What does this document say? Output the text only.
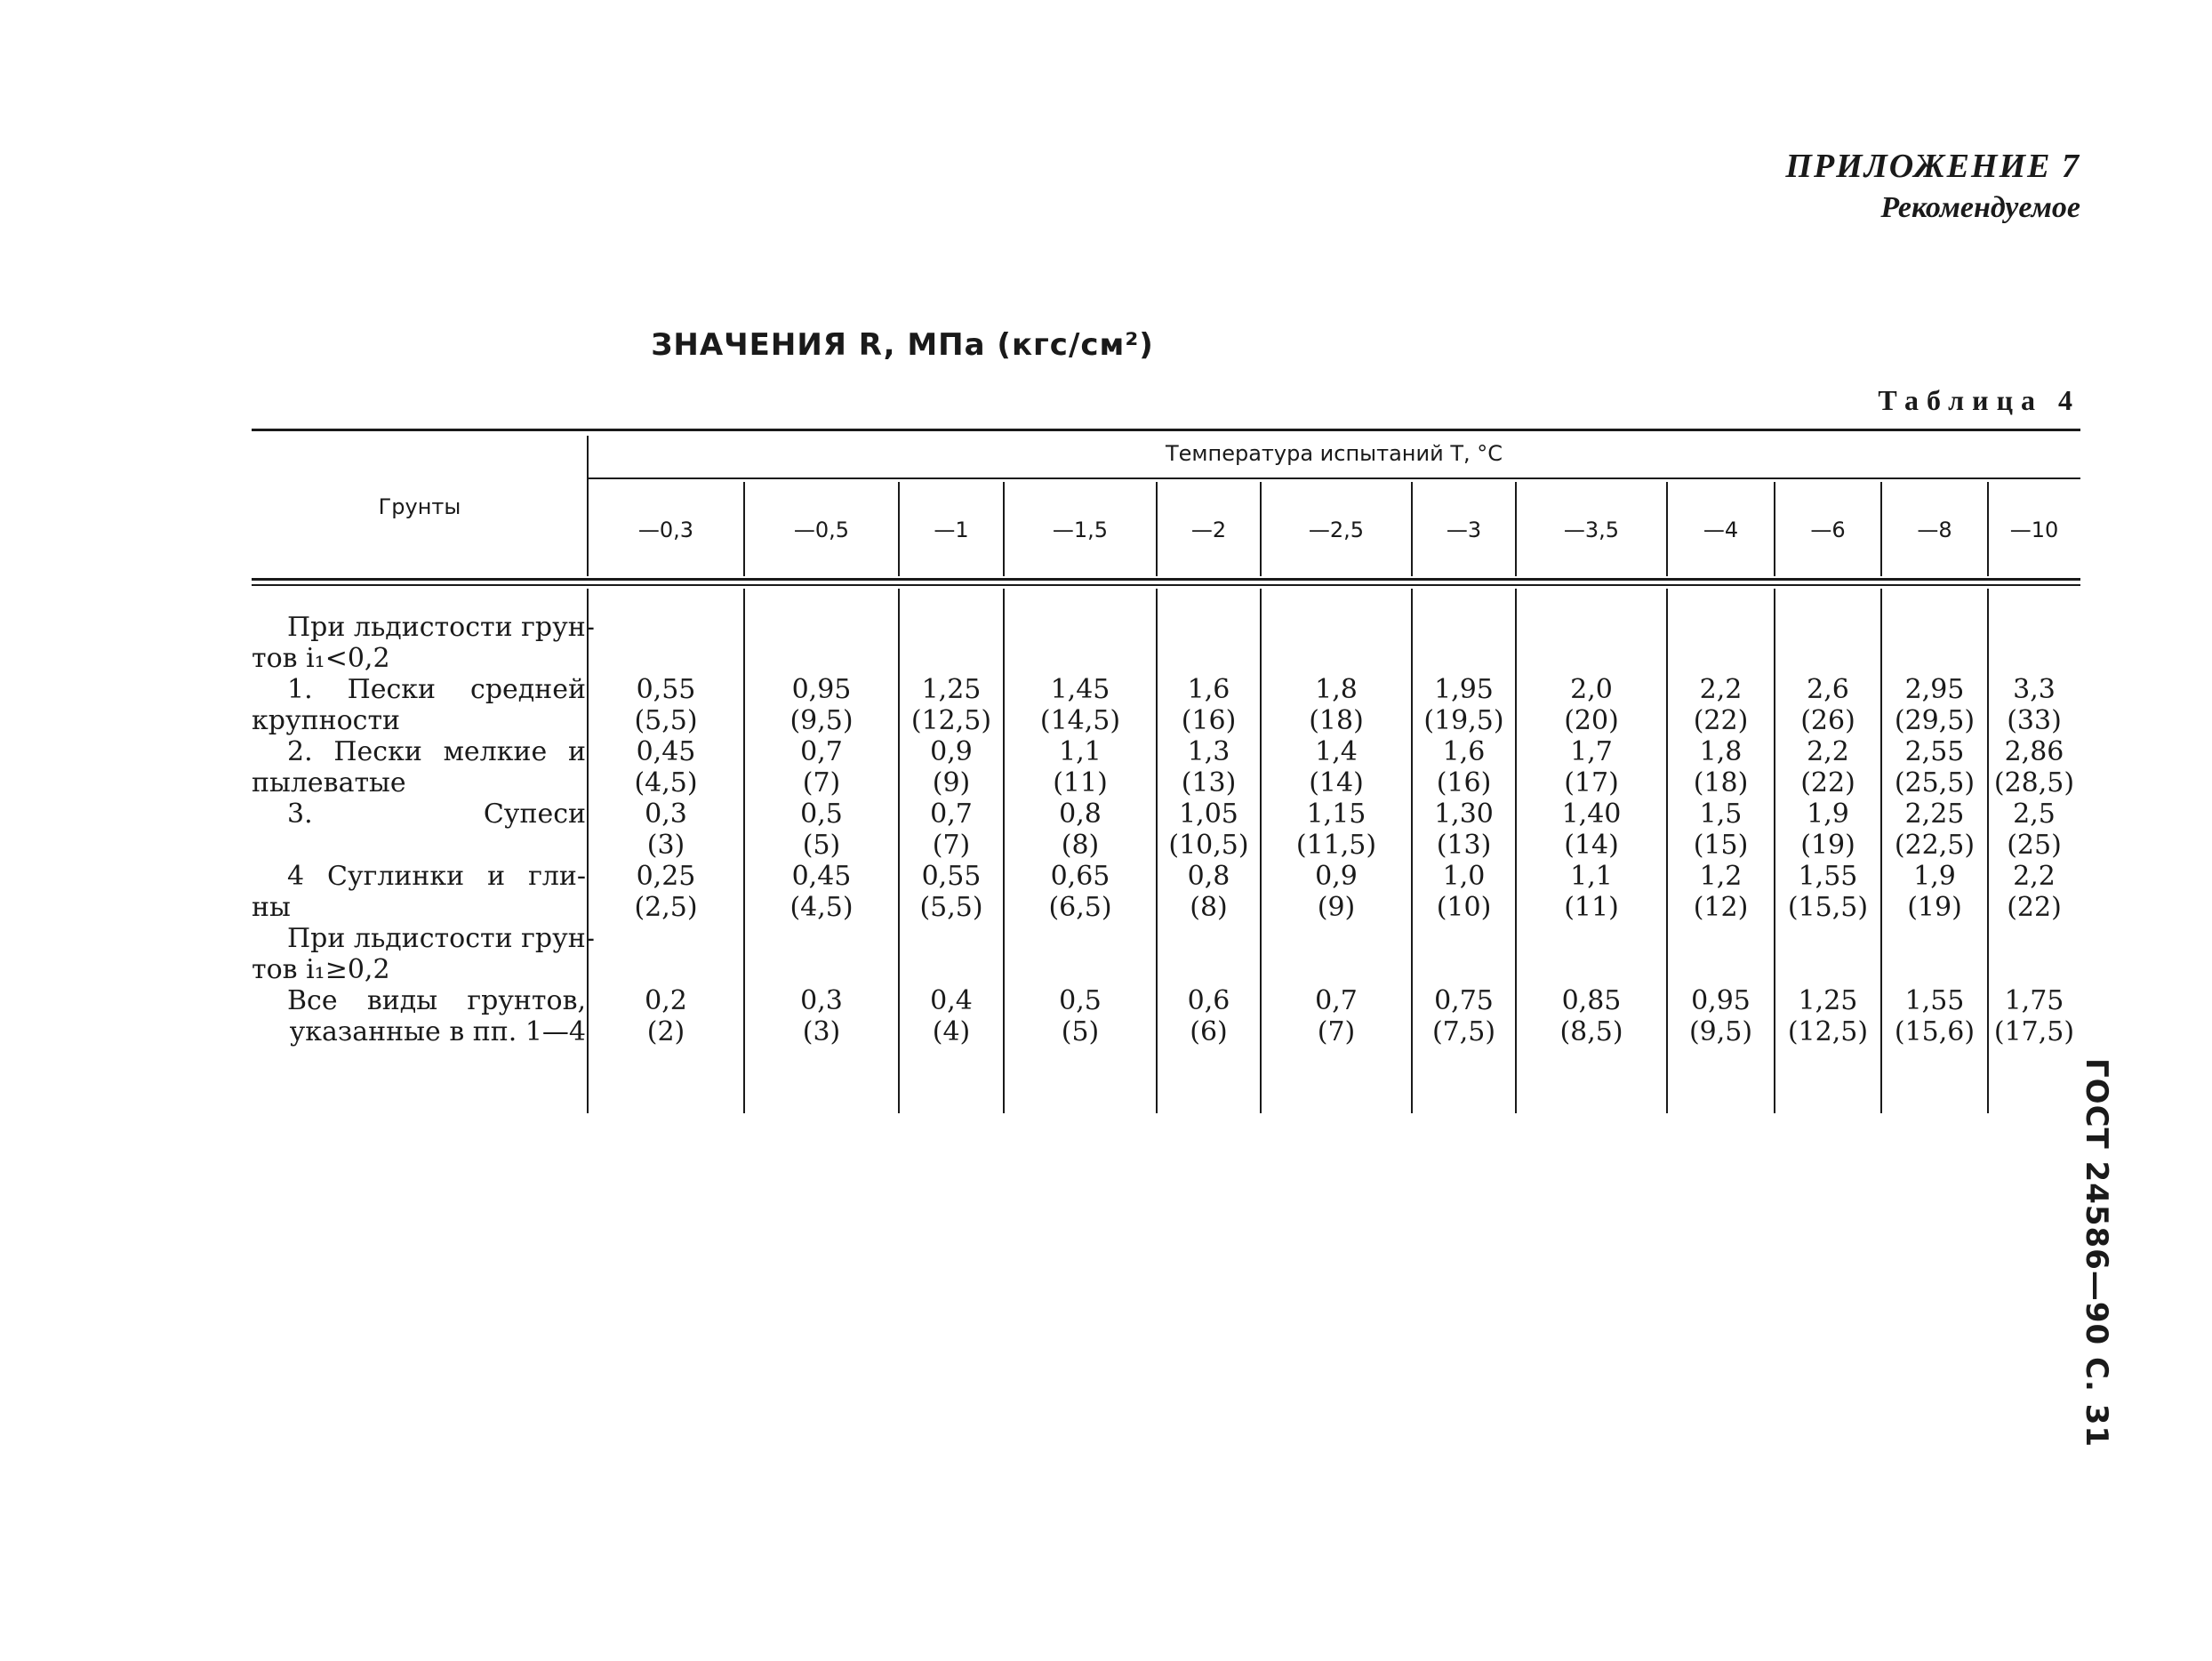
ПРИЛОЖЕНИЕ 7
Рекомендуемое
ЗНАЧЕНИЯ R, МПа (кгс/см²)
Таблица 4
Грунты
Температура испытаний T, °С
—0,3	—0,5	—1	—1,5	—2	—2,5	—3	—3,5	—4	—6	—8	—10
При льдистости грун-
тов i₁<0,2
1. Пески средней
крупности
0,55	0,95	1,25	1,45	1,6	1,8	1,95	2,0	2,2	2,6	2,95	3,3
(5,5)	(9,5)	(12,5)	(14,5)	(16)	(18)	(19,5)	(20)	(22)	(26)	(29,5)	(33)
2. Пески мелкие и
пылеватые
0,45	0,7	0,9	1,1	1,3	1,4	1,6	1,7	1,8	2,2	2,55	2,86
(4,5)	(7)	(9)	(11)	(13)	(14)	(16)	(17)	(18)	(22)	(25,5) (28,5)
3. Супеси	0,3	0,5	0,7	0,8	1,05	1,15	1,30	1,40	1,5	1,9	2,25	2,5
(3)	(5)	(7)	(8)	(10,5)	(11,5)	(13)	(14)	(15)	(19)	(22,5)	(25)
4 Суглинки и гли-
ны
0,25	0,45	0,55	0,65	0,8	0,9	1,0	1,1	1,2	1,55	1,9	2,2
(2,5)	(4,5)	(5,5)	(6,5)	(8)	(9)	(10)	(11)	(12)	(15,5)	(19)	(22)
При льдистости грун-
тов i₁≥0,2
Все виды грунтов,
указанные в пп. 1—4
0,2	0,3	0,4	0,5	0,6	0,7	0,75	0,85	0,95	1,25	1,55	1,75
(2)	(3)	(4)	(5)	(6)	(7)	(7,5)	(8,5)	(9,5)	(12,5) (15,6) (17,5)
ГОСТ 24586—90 С. 31
